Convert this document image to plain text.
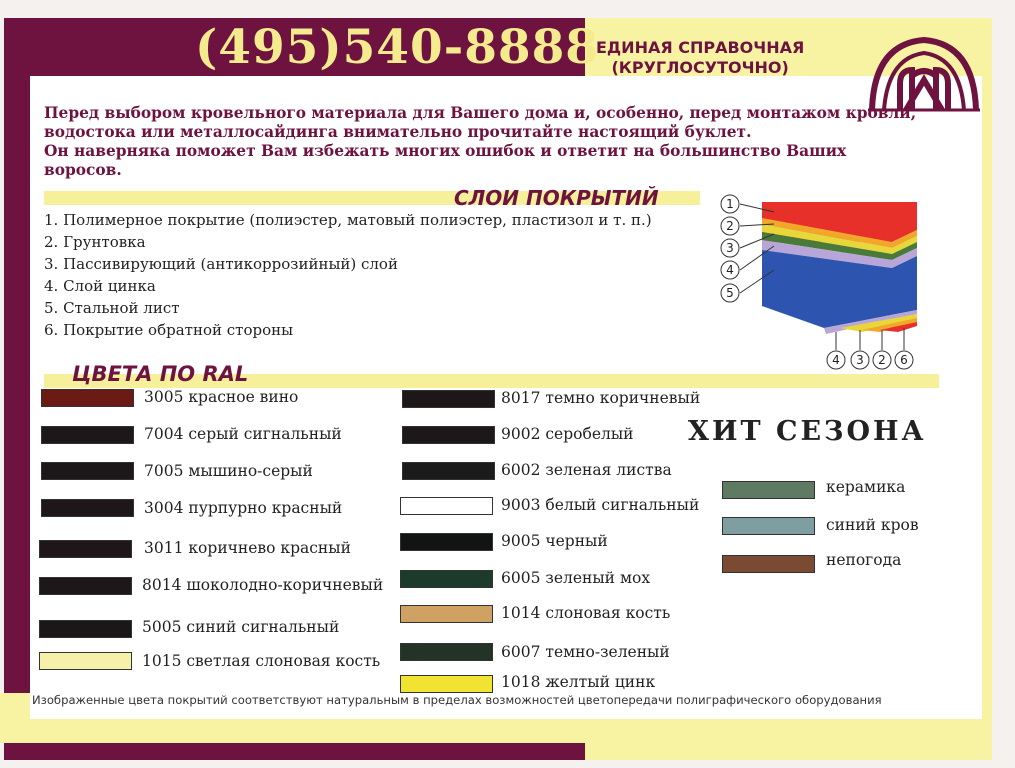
(495)540-8888
ЕДИНАЯ СПРАВОЧНАЯ
(КРУГЛОСУТОЧНО)
Перед выбором кровельного материала для Вашего дома и, особенно, перед монтажом кровли,
водостока или металлосайдинга внимательно прочитайте настоящий буклет.
Он наверняка поможет Вам избежать многих ошибок и ответит на большинство Ваших
воросов.
СЛОИ ПОКРЫТИЙ
1. Полимерное покрытие (полиэстер, матовый полиэстер, пластизол и т. п.)
2. Грунтовка
3. Пассивирующий (антикоррозийный) слой
4. Слой цинка
5. Стальной лист
6. Покрытие обратной стороны
1
2
3
4
5
4 3 2 6
ЦВЕТА ПО RAL
3005 красное вино
7004 серый сигнальный
7005 мышино-серый
3004 пурпурно красный
3011 коричнево красный
8014 шоколодно-коричневый
5005 синий сигнальный
1015 светлая слоновая кость
8017 темно коричневый
9002 серобелый
6002 зеленая листва
9003 белый сигнальный
9005 черный
6005 зеленый мох
1014 слоновая кость
6007 темно-зеленый
1018 желтый цинк
ХИТ СЕЗОНА
керамика
синий кров
непогода
Изображенные цвета покрытий соответствуют натуральным в пределах возможностей цветопередачи полиграфического оборудования
